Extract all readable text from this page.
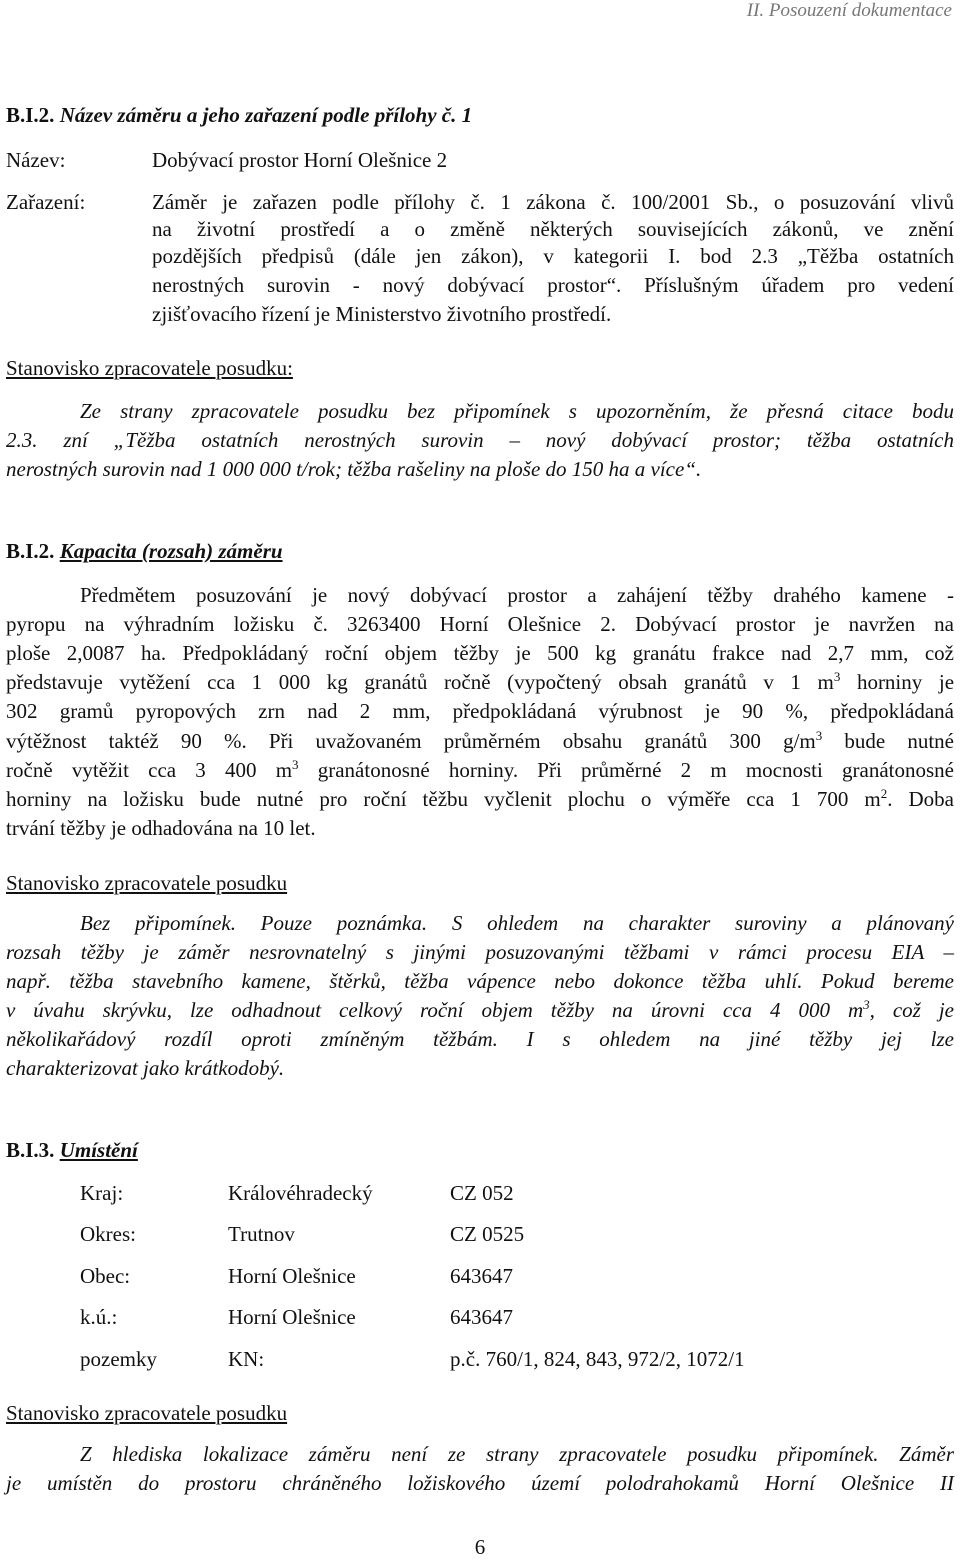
II. Posouzení dokumentace
B.I.2. Název záměru a jeho zařazení podle přílohy č. 1
Název:	Dobývací prostor Horní Olešnice 2
Zařazení:	Záměr je zařazen podle přílohy č. 1 zákona č. 100/2001 Sb., o posuzování vlivů
na životní prostředí a o změně některých souvisejících zákonů, ve znění
pozdějších předpisů (dále jen zákon), v kategorii I. bod 2.3 „Těžba ostatních
nerostných surovin - nový dobývací prostor“. Příslušným úřadem pro vedení
zjišťovacího řízení je Ministerstvo životního prostředí.
Stanovisko zpracovatele posudku:
Ze strany zpracovatele posudku bez připomínek s upozorněním, že přesná citace bodu
2.3. zní „Těžba ostatních nerostných surovin – nový dobývací prostor; těžba ostatních
nerostných surovin nad 1 000 000 t/rok; těžba rašeliny na ploše do 150 ha a více“.
B.I.2. Kapacita (rozsah) záměru
Předmětem posuzování je nový dobývací prostor a zahájení těžby drahého kamene -
pyropu na výhradním ložisku č. 3263400 Horní Olešnice 2. Dobývací prostor je navržen na
ploše 2,0087 ha. Předpokládaný roční objem těžby je 500 kg granátu frakce nad 2,7 mm, což
představuje vytěžení cca 1 000 kg granátů ročně (vypočtený obsah granátů v 1 $m^3$ horniny je
302 gramů pyropových zrn nad 2 mm, předpokládaná výrubnost je 90 %, předpokládaná
výtěžnost taktéž 90 %. Při uvažovaném průměrném obsahu granátů 300 $g/m^3$ bude nutné
ročně vytěžit cca 3 400 $m^3$ granátonosné horniny. Při průměrné 2 m mocnosti granátonosné
horniny na ložisku bude nutné pro roční těžbu vyčlenit plochu o výměře cca 1 700 $m^2$. Doba
trvání těžby je odhadována na 10 let.
Stanovisko zpracovatele posudku
Bez připomínek. Pouze poznámka. S ohledem na charakter suroviny a plánovaný
rozsah těžby je záměr nesrovnatelný s jinými posuzovanými těžbami v rámci procesu EIA –
např. těžba stavebního kamene, štěrků, těžba vápence nebo dokonce těžba uhlí. Pokud bereme
v úvahu skrývku, lze odhadnout celkový roční objem těžby na úrovni cca 4 000 $m^3$, což je
několikařádový rozdíl oproti zmíněným těžbám. I s ohledem na jiné těžby jej lze
charakterizovat jako krátkodobý.
B.I.3. Umístění
Kraj:	Královéhradecký	CZ 052
Okres:	Trutnov	CZ 0525
Obec:	Horní Olešnice	643647
k.ú.:	Horní Olešnice	643647
pozemky	KN:	p.č. 760/1, 824, 843, 972/2, 1072/1
Stanovisko zpracovatele posudku
Z hlediska lokalizace záměru není ze strany zpracovatele posudku připomínek. Záměr
je umístěn do prostoru chráněného ložiskového území polodrahokamů Horní Olešnice II
6
